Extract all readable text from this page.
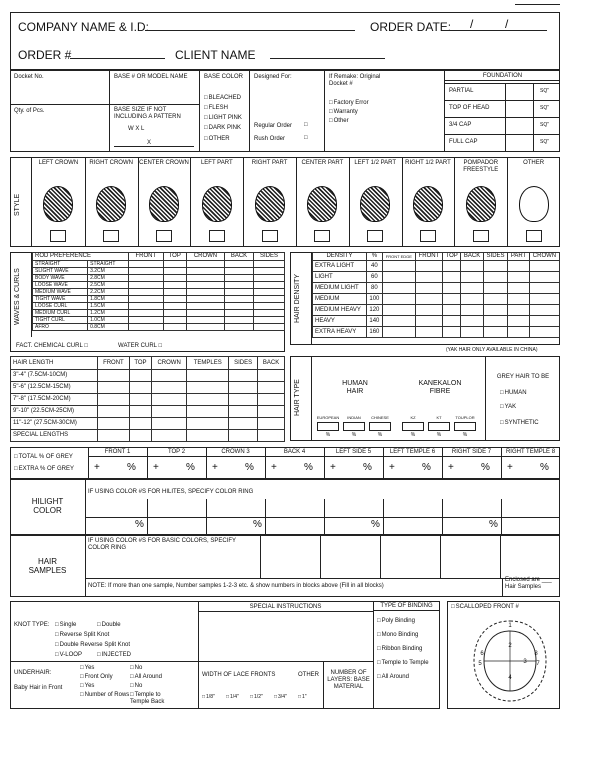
COMPANY NAME & I.D:	ORDER DATE: /	/
ORDER #	CLIENT NAME
Docket No.
Qty. of Pcs.
BASE # OR MODEL NAME
BASE SIZE IF NOT INCLUDING A PATTERN
W X L
X
BASE COLOR
□ BLEACHED
□ FLESH
□ LIGHT PINK
□ DARK PINK
□ OTHER
Designed For:
Regular Order □
Rush Order	□
If Remake: Original Docket #
□ Factory Error
□ Warranty
□ Other
FOUNDATION
PARTIAL	SQ"
TOP OF HEAD	SQ"
3/4 CAP	SQ"
FULL CAP	SQ"
STYLE
LEFT CROWN	RIGHT CROWN	CENTER CROWN	LEFT PART	RIGHT PART	CENTER PART	LEFT 1/2 PART	RIGHT 1/2 PART	POMPADOR FREESTYLE
OTHER
WAVES & CURLS
ROD PREFERENCE		FRONT	TOP	CROWN	BACK	SIDES
STRAIGHT	STRAIGHT					
SLIGHT WAVE	3.2CM					
BODY WAVE	2.8CM					
LOOSE WAVE	2.5CM					
MEDIUM WAVE	2.2CM					
TIGHT WAVE	1.8CM					
LOOSE CURL	1.5CM					
MEDIUM CURL	1.2CM					
TIGHT CURL	1.0CM					
AFRO	0.8CM					
FACT. CHEMICAL CURL □	WATER CURL □
HAIR DENSITY
DENSITY	%	FRONT EDGE	FRONT	TOP	BACK	SIDES	PART	CROWN
EXTRA LIGHT	40							
LIGHT	60							
MEDIUM LIGHT	80							
MEDIUM	100							
MEDIUM HEAVY	120							
HEAVY	140							
EXTRA HEAVY	160							
(YAK HAIR ONLY AVAILABLE IN CHINA)
HAIR LENGTH	FRONT	TOP	CROWN	TEMPLES	SIDES	BACK
3"-4" (7.5CM-10CM)						
5"-6" (12.5CM-15CM)						
7"-8" (17.5CM-20CM)						
9"-10" (22.5CM-25CM)						
11"-12" (27.5CM-30CM)						
SPECIAL LENGTHS						
HAIR TYPE	HUMAN HAIR
KANEKALON FIBRE
EUROPEAN
%
INDIAN
%
CHINESE
%
KZ
%
KT
%
TOUPLOR
%
GREY HAIR TO BE
□ HUMAN
□ YAK
□ SYNTHETIC
□ TOTAL % OF GREY
□ EXTRA % OF GREY
FRONT 1
+	%
TOP 2
+	%
CROWN 3
+	%
BACK 4
+	%
LEFT SIDE 5
+	%
LEFT TEMPLE 6
+	%
RIGHT SIDE 7
+	%
RIGHT TEMPLE 8
+	%
HILIGHT COLOR
IF USING COLOR #S FOR HILITES, SPECIFY COLOR RING
%	%	%	%
HAIR SAMPLES
IF USING COLOR #S FOR BASIC COLORS, SPECIFY COLOR RING
NOTE: If more than one sample, Number samples 1-2-3 etc. & show numbers in blocks above (Fill in all blocks)
Enclosed are ___ Hair Samples
SPECIAL INSTRUCTIONS	TYPE OF BINDING
□ Poly Binding
□ Mono Binding
□ Ribbon Binding
□ Temple to Temple
□ All Around
KNOT TYPE:	□ Single	□ Double
□ Reverse Split Knot
□ Double Reverse Split Knot
□ V-LOOP	□ INJECTED
UNDERHAIR:
Baby Hair in Front
□ Yes	□ No
□ Front Only	□ All Around
□ Yes	□ No
□ Number of Rows □ Temple to Temple Back
WIDTH OF LACE FRONTS	OTHER
□ 1/8"	□ 1/4"	□ 1/2"	□ 3/4"	□ 1"
NUMBER OF LAYERS: BASE MATERIAL
□ SCALLOPED FRONT #
1
2
3
4
5
6
7
8
